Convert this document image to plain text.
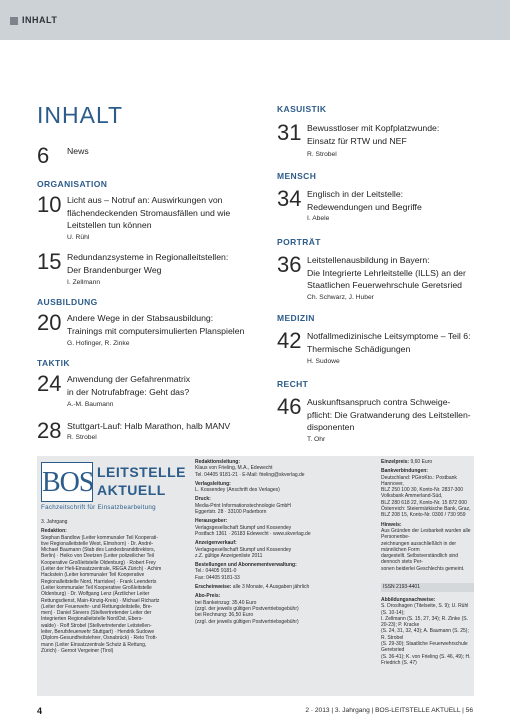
INHALT
INHALT
6 News
ORGANISATION
10 Licht aus – Notruf an: Auswirkungen von
flächendeckenden Stromausfällen und wie
Leitstellen tun können
U. Rühl
15 Redundanzsysteme in Regionalleitstellen:
Der Brandenburger Weg
I. Zellmann
AUSBILDUNG
20 Andere Wege in der Stabsausbildung:
Trainings mit computersimulierten Planspielen
G. Hofinger, R. Zinke
TAKTIK
24 Anwendung der Gefahrenmatrix
in der Notrufabfrage: Geht das?
A.-M. Baumann
28 Stuttgart-Lauf: Halb Marathon, halb MANV
R. Strobel
KASUISTIK
31 Bewusstloser mit Kopfplatzwunde:
Einsatz für RTW und NEF
R. Strobel
MENSCH
34 Englisch in der Leitstelle:
Redewendungen und Begriffe
I. Abele
PORTRÄT
36 Leitstellenausbildung in Bayern:
Die Integrierte Lehrleitstelle (ILLS) an der
Staatlichen Feuerwehrschule Geretsried
Ch. Schwarz, J. Huber
MEDIZIN
42 Notfallmedizinische Leitsymptome – Teil 6:
Thermische Schädigungen
H. Sudowe
RECHT
46 Auskunftsanspruch contra Schweige-
pflicht: Die Gratwanderung des Leitstellen-
disponenten
T. Ohr
BOS LEITSTELLE
AKTUELL
Fachzeitschrift für Einsatzbearbeitung
3. Jahrgang
Redaktion:
Stephan Bandlow (Leiter kommunaler Teil Kooperati-
tive Regionalleitstelle West, Elmshorn) · Dr. André-
Michael Baumann (Stab des Landesbranddirektors,
Berlin) · Heiko von Deetzen (Leiter polizeilicher Teil
Kooperative Großleitstelle Oldenburg) · Robert Frey
(Leiter der Heli-Einsatzzentrale, REGA Zürich) · Achim
Hackstein (Leiter kommunaler Teil Kooperative
Regionalleitstelle Nord, Harrislee) · Frank Leenderts
(Leiter kommunaler Teil Kooperative Großleitstelle
Oldenburg) · Dr. Wolfgang Lenz (Ärztlicher Leiter
Rettungsdienst, Main-Kinzig-Kreis) · Michael Richartz
(Leiter der Feuerwehr- und Rettungsleitstelle, Bre-
men) · Daniel Sievers (Stellvertretender Leiter der
Integrierten Regionalleitstelle NordOst, Ebers-
walde) · Rolf Strobel (Stellvertretender Leitstellen-
leiter, Berufsfeuerwehr Stuttgart) · Hendrik Sudowe
(Diplom-Gesundheitslehrer, Osnabrück) · Reto Trott-
mann (Leiter Einsatzzentrale Schutz & Rettung,
Zürich) · Gernot Vergeiner (Tirol)
Redaktionsleitung:
Klaus von Frieling, M.A., Edewecht
Tel. 04405 9181-21 · E-Mail: frieling@skverlag.de
Verlagsleitung:
L. Kossendey (Anschrift des Verlages)
Druck:
Media-Print Informationstechnologie GmbH
Eggertstr. 28 · 33100 Paderborn
Herausgeber:
Verlagsgesellschaft Stumpf und Kossendey
Postfach 1361 · 26183 Edewecht · www.skverlag.de
Anzeigenverkauf:
Verlagsgesellschaft Stumpf und Kossendey
z.Z. gültige Anzeigenliste 2011
Bestellungen und Abonnementverwaltung:
Tel.: 04405 9181-0
Fax: 04405 9181-33
Erscheinweise: alle 3 Monate, 4 Ausgaben jährlich
Abo-Preis:
bei Bankeinzug: 35,40 Euro
(zzgl. der jeweils gültigen Postvertriebsgebühr)
bei Rechnung: 36,50 Euro
(zzgl. der jeweils gültigen Postvertriebsgebühr)
Einzelpreis: 9,60 Euro
Bankverbindungen:
Deutschland: PGiroKto.: Postbank Hannover,
BLZ 250 100 30, Konto-Nr. 2837-300
Volksbank Ammerland-Süd,
BLZ 280 618 22, Konto-Nr. 15 872 000
Österreich: Steiermärkische Bank, Graz,
BLZ 208 15, Konto-Nr. 0300 / 730 959
Hinweis:
Aus Gründen der Lesbarkeit wurden alle Personenbe-
zeichnungen ausschließlich in der männlichen Form
dargestellt. Selbstverständlich sind dennoch stets Per-
sonen beiderlei Geschlechts gemeint.
ISSN 2193-4401
Abbildungsnachweise:
S. Drosihagen (Titelseite, S. 9); U. Rühl (S. 10-14);
I. Zellmann (S. 15, 27, 34); R. Zinke (S. 20-23); P. Kracke
(S. 24, 31, 32, 43); A. Baumann (S. 25); R. Strobel
(S. 29-30); Staatliche Feuerwehrschule Geretsried
(S. 36-41); K. von Frieling (S. 46, 49); H. Friedrich (S. 47)
4	2 · 2013 | 3. Jahrgang | BOS-LEITSTELLE AKTUELL | 56
